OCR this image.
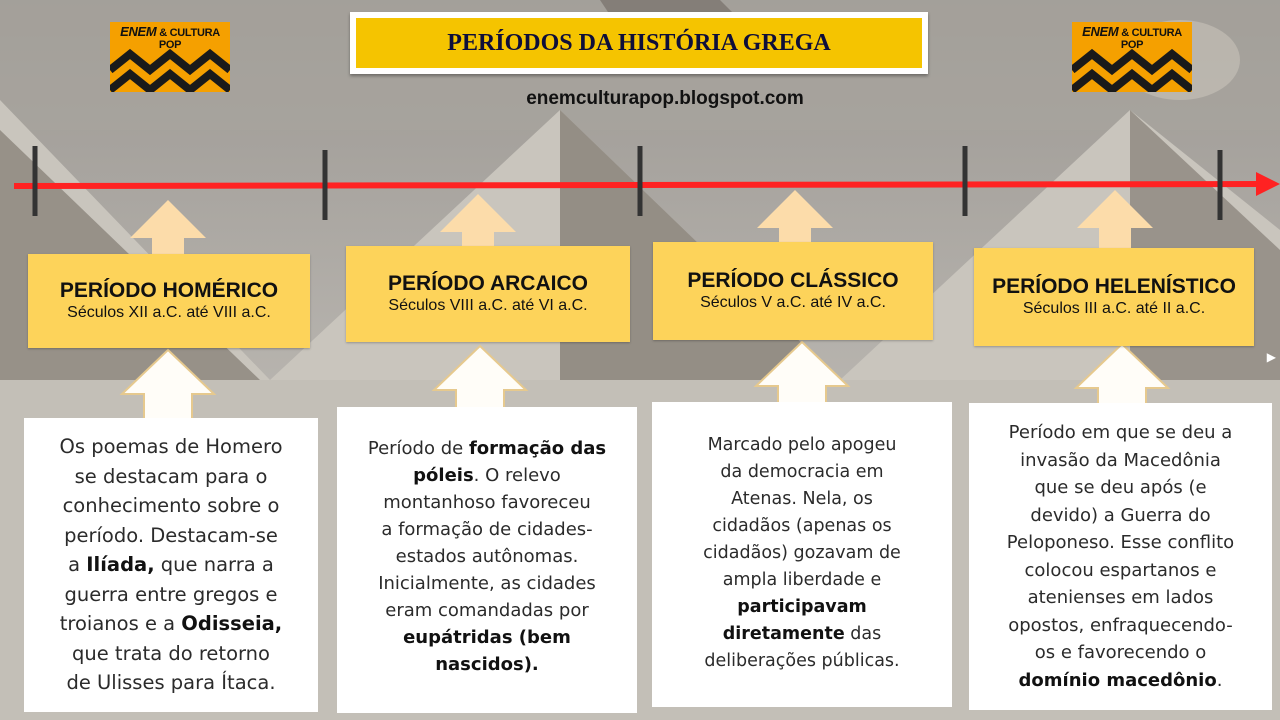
ENEM & CULTURA POP
ENEM & CULTURA POP
PERÍODOS DA HISTÓRIA GREGA
enemculturapop.blogspot.com
PERÍODO HOMÉRICO
Séculos XII a.C. até VIII a.C.
PERÍODO ARCAICO
Séculos VIII a.C. até VI a.C.
PERÍODO CLÁSSICO
Séculos V a.C. até IV a.C.
PERÍODO HELENÍSTICO
Séculos III a.C. até II a.C.
Os poemas de Homero
se destacam para o
conhecimento sobre o
período. Destacam-se
a Ilíada, que narra a
guerra entre gregos e
troianos e a Odisseia,
que trata do retorno
de Ulisses para Ítaca.
Período de formação das
póleis. O relevo
montanhoso favoreceu
a formação de cidades-
estados autônomas.
Inicialmente, as cidades
eram comandadas por
eupátridas (bem
nascidos).
Marcado pelo apogeu
da democracia em
Atenas. Nela, os
cidadãos (apenas os
cidadãos) gozavam de
ampla liberdade e
participavam
diretamente das
deliberações públicas.
Período em que se deu a
invasão da Macedônia
que se deu após (e
devido) a Guerra do
Peloponeso. Esse conflito
colocou espartanos e
atenienses em lados
opostos, enfraquecendo-
os e favorecendo o
domínio macedônio.
▶
